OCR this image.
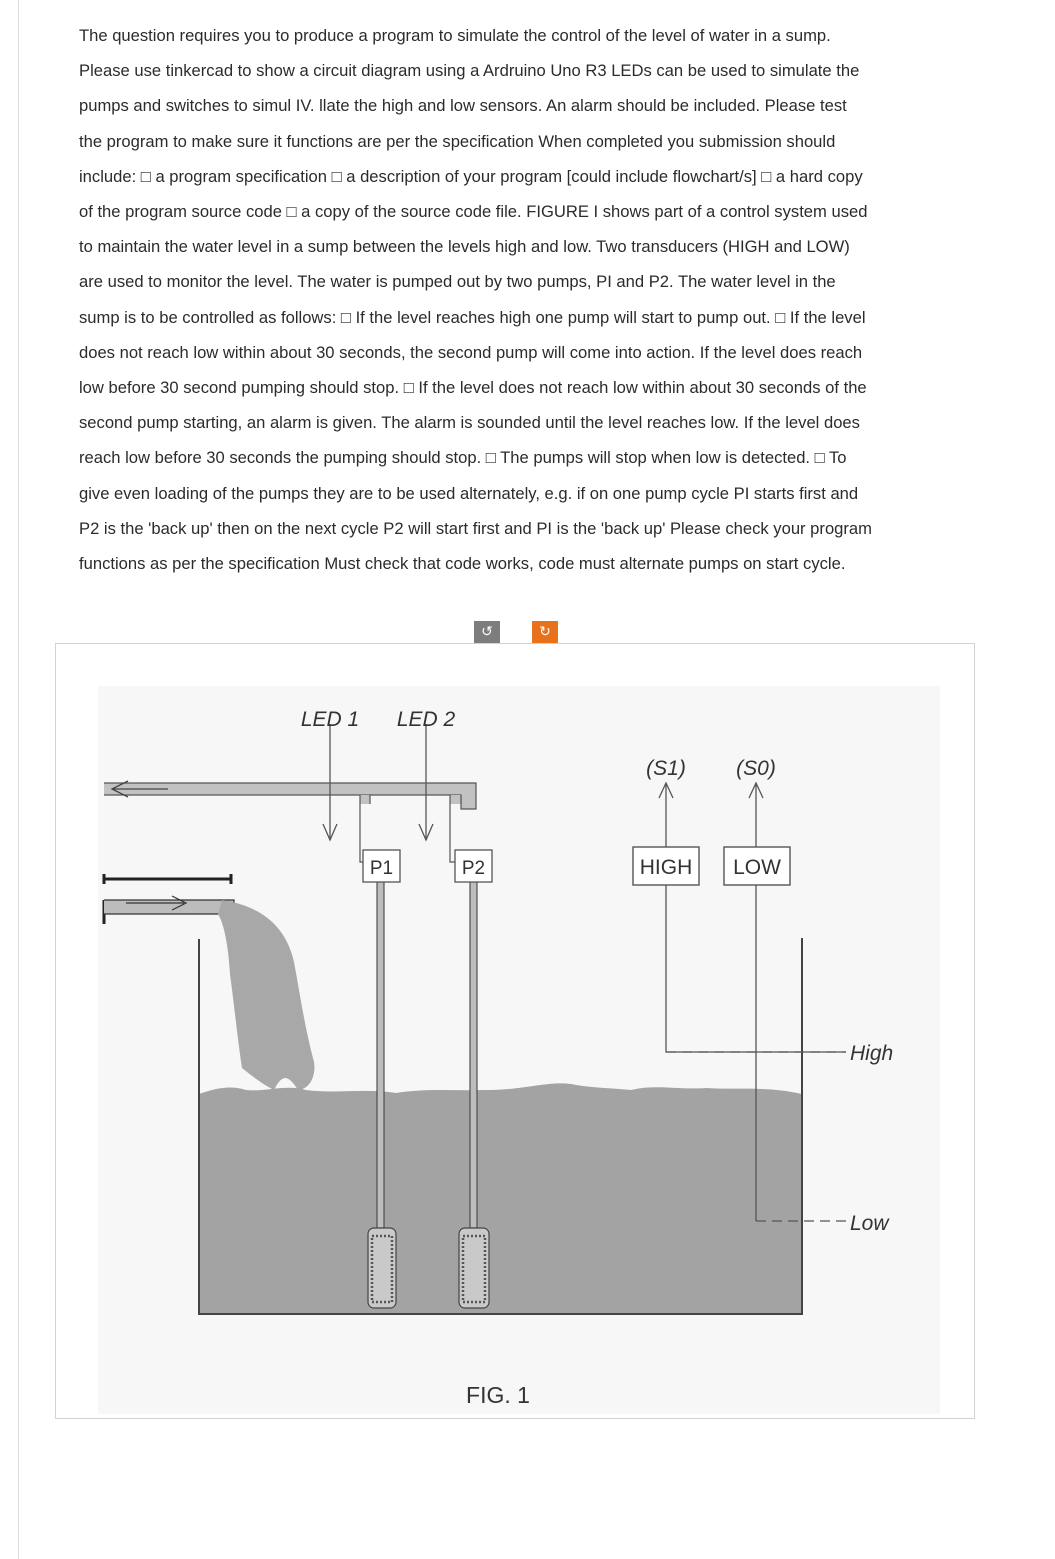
The question requires you to produce a program to simulate the control of the level of water in a sump.
Please use tinkercad to show a circuit diagram using a Ardruino Uno R3 LEDs can be used to simulate the
pumps and switches to simul IV. llate the high and low sensors. An alarm should be included. Please test
the program to make sure it functions are per the specification When completed you submission should
include: □ a program specification □ a description of your program [could include flowchart/s] □ a hard copy
of the program source code □ a copy of the source code file. FIGURE I shows part of a control system used
to maintain the water level in a sump between the levels high and low. Two transducers (HIGH and LOW)
are used to monitor the level. The water is pumped out by two pumps, PI and P2. The water level in the
sump is to be controlled as follows: □ If the level reaches high one pump will start to pump out. □ If the level
does not reach low within about 30 seconds, the second pump will come into action. If the level does reach
low before 30 second pumping should stop. □ If the level does not reach low within about 30 seconds of the
second pump starting, an alarm is given. The alarm is sounded until the level reaches low. If the level does
reach low before 30 seconds the pumping should stop. □ The pumps will stop when low is detected. □ To
give even loading of the pumps they are to be used alternately, e.g. if on one pump cycle PI starts first and
P2 is the 'back up' then on the next cycle P2 will start first and PI is the 'back up' Please check your program
functions as per the specification Must check that code works, code must alternate pumps on start cycle.
↺	↻
P1	P2
LED 1 LED 2
(S1) (S0)
HIGH LOW
High
Low
FIG. 1
